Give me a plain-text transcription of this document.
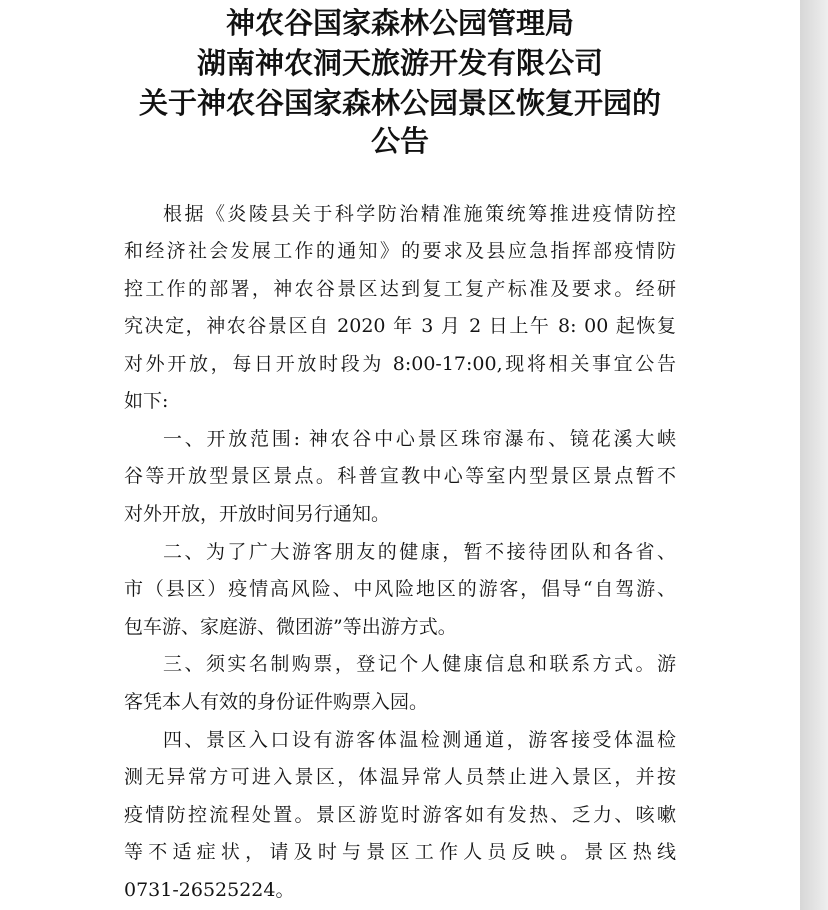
神农谷国家森林公园管理局
湖南神农洞天旅游开发有限公司
关于神农谷国家森林公园景区恢复开园的
公告
根据《炎陵县关于科学防治精准施策统筹推进疫情防控
和经济社会发展工作的通知》的要求及县应急指挥部疫情防
控工作的部署，神农谷景区达到复工复产标准及要求。经研
究决定，神农谷景区自 2020 年 3 月 2 日上午 8: 00 起恢复
对外开放，每日开放时段为 8:00-17:00,现将相关事宜公告
如下:
一、开放范围: 神农谷中心景区珠帘瀑布、镜花溪大峡
谷等开放型景区景点。科普宣教中心等室内型景区景点暂不
对外开放，开放时间另行通知。
二、为了广大游客朋友的健康，暂不接待团队和各省、
市（县区）疫情高风险、中风险地区的游客，倡导“自驾游、
包车游、家庭游、微团游”等出游方式。
三、须实名制购票，登记个人健康信息和联系方式。游
客凭本人有效的身份证件购票入园。
四、景区入口设有游客体温检测通道，游客接受体温检
测无异常方可进入景区，体温异常人员禁止进入景区，并按
疫情防控流程处置。景区游览时游客如有发热、乏力、咳嗽
等不适症状，请及时与景区工作人员反映。景区热线
0731-26525224。
